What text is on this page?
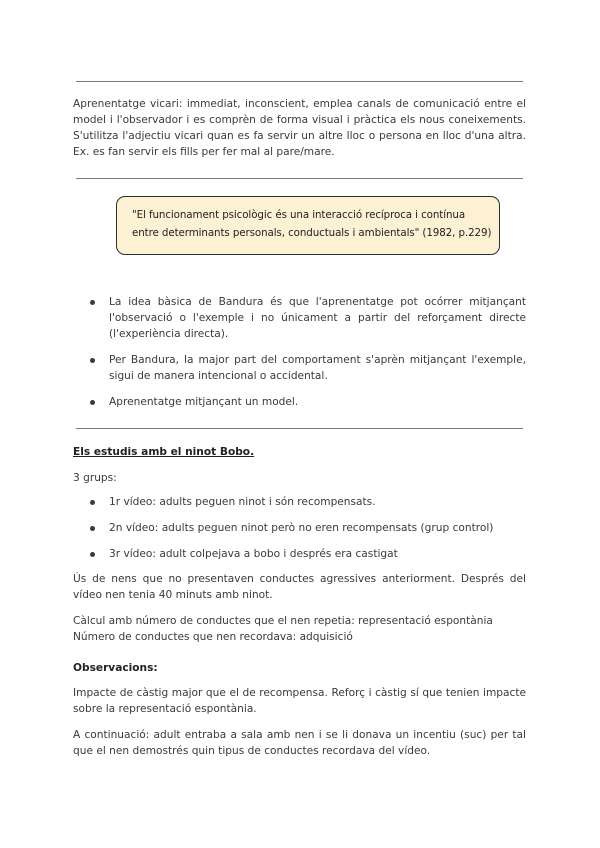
Aprenentatge vicari: immediat, inconscient, emplea canals de comunicació entre el model i l'observador i es comprèn de forma visual i pràctica els nous coneixements. S'utilitza l'adjectiu vicari quan es fa servir un altre lloc o persona en lloc d'una altra. Ex. es fan servir els fills per fer mal al pare/mare.

"El funcionament psicològic és una interacció recíproca i contínua
entre determinants personals, conductuals i ambientals" (1982, p.229)
La idea bàsica de Bandura és que l'aprenentatge pot ocórrer mitjançant l'observació o l'exemple i no únicament a partir del reforçament directe (l'experiència directa).
Per Bandura, la major part del comportament s'aprèn mitjançant l'exemple, sigui de manera intencional o accidental.
Aprenentatge mitjançant un model.
Els estudis amb el ninot Bobo.
3 grups:
1r vídeo: adults peguen ninot i són recompensats.
2n vídeo: adults peguen ninot però no eren recompensats (grup control)
3r vídeo: adult colpejava a bobo i després era castigat

Ús de nens que no presentaven conductes agressives anteriorment. Després del vídeo nen tenia 40 minuts amb ninot.

Càlcul amb número de conductes que el nen repetia: representació espontània
Número de conductes que nen recordava: adquisició
Observacions:

Impacte de càstig major que el de recompensa. Reforç i càstig sí que tenien impacte sobre la representació espontània.

A continuació: adult entraba a sala amb nen i se li donava un incentiu (suc) per tal que el nen demostrés quin tipus de conductes recordava del vídeo.
